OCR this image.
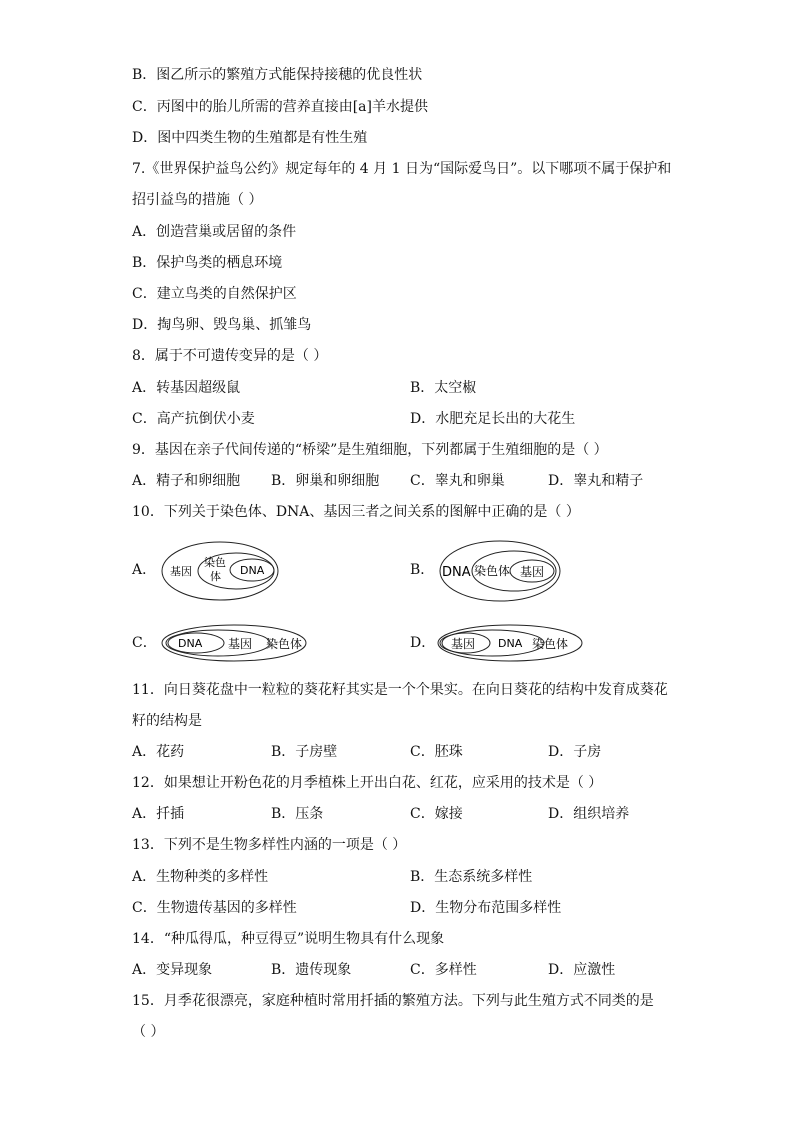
B．图乙所示的繁殖方式能保持接穗的优良性状
C．丙图中的胎儿所需的营养直接由[a]羊水提供
D．图中四类生物的生殖都是有性生殖
7.《世界保护益鸟公约》规定每年的 4 月 1 日为“国际爱鸟日”。以下哪项不属于保护和
招引益鸟的措施（ ）
A．创造营巢或居留的条件
B．保护鸟类的栖息环境
C．建立鸟类的自然保护区
D．掏鸟卵、毁鸟巢、抓雏鸟
8．属于不可遗传变异的是（ ）
A．转基因超级鼠	B．太空椒
C．高产抗倒伏小麦	D．水肥充足长出的大花生
9．基因在亲子代间传递的“桥梁”是生殖细胞，下列都属于生殖细胞的是（ ）
A．精子和卵细胞 B．卵巢和卵细胞 C．睾丸和卵巢	D．睾丸和精子
10．下列关于染色体、DNA、基因三者之间关系的图解中正确的是（ ）
A． 基因
染色
体 DNA	B． DNA 染色体 基因
C． DNA 基因 染色体	D． 基因 DNA 染色体
11．向日葵花盘中一粒粒的葵花籽其实是一个个果实。在向日葵花的结构中发育成葵花
籽的结构是
A．花药	B．子房壁	C．胚珠	D．子房
12．如果想让开粉色花的月季植株上开出白花、红花，应采用的技术是（ ）
A．扦插	B．压条	C．嫁接	D．组织培养
13．下列不是生物多样性内涵的一项是（ ）
A．生物种类的多样性	B．生态系统多样性
C．生物遗传基因的多样性	D．生物分布范围多样性
14．“种瓜得瓜，种豆得豆”说明生物具有什么现象
A．变异现象	B．遗传现象	C．多样性	D．应激性
15．月季花很漂亮，家庭种植时常用扦插的繁殖方法。下列与此生殖方式不同类的是
（ ）
